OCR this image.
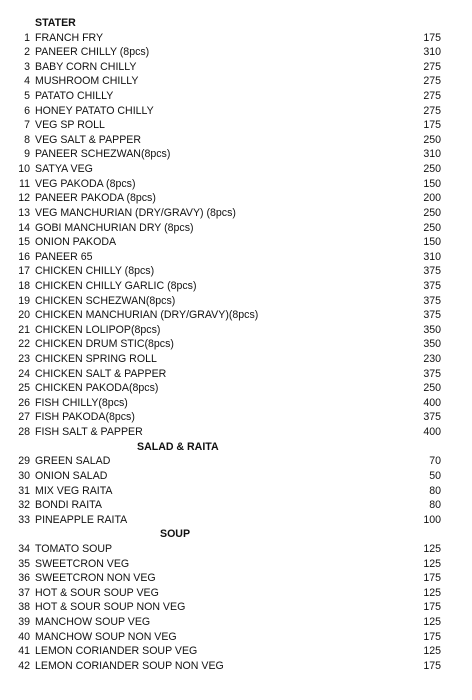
STATER
1 FRANCH FRY	175
2 PANEER CHILLY (8pcs)	310
3 BABY CORN CHILLY	275
4 MUSHROOM CHILLY	275
5 PATATO CHILLY	275
6 HONEY PATATO CHILLY	275
7 VEG SP ROLL	175
8 VEG SALT & PAPPER	250
9 PANEER SCHEZWAN(8pcs)	310
10 SATYA VEG	250
11 VEG PAKODA (8pcs)	150
12 PANEER PAKODA (8pcs)	200
13 VEG MANCHURIAN (DRY/GRAVY) (8pcs)	250
14 GOBI MANCHURIAN DRY (8pcs)	250
15 ONION PAKODA	150
16 PANEER 65	310
17 CHICKEN CHILLY (8pcs)	375
18 CHICKEN CHILLY GARLIC (8pcs)	375
19 CHICKEN SCHEZWAN(8pcs)	375
20 CHICKEN MANCHURIAN (DRY/GRAVY)(8pcs)	375
21 CHICKEN LOLIPOP(8pcs)	350
22 CHICKEN DRUM STIC(8pcs)	350
23 CHICKEN SPRING ROLL	230
24 CHICKEN SALT & PAPPER	375
25 CHICKEN PAKODA(8pcs)	250
26 FISH CHILLY(8pcs)	400
27 FISH PAKODA(8pcs)	375
28 FISH SALT & PAPPER	400
SALAD & RAITA
29 GREEN SALAD	70
30 ONION SALAD	50
31 MIX VEG RAITA	80
32 BONDI RAITA	80
33 PINEAPPLE RAITA	100
SOUP
34 TOMATO SOUP	125
35 SWEETCRON VEG	125
36 SWEETCRON NON VEG	175
37 HOT & SOUR SOUP VEG	125
38 HOT & SOUR SOUP NON VEG	175
39 MANCHOW SOUP VEG	125
40 MANCHOW SOUP NON VEG	175
41 LEMON CORIANDER SOUP VEG	125
42 LEMON CORIANDER SOUP NON VEG	175
